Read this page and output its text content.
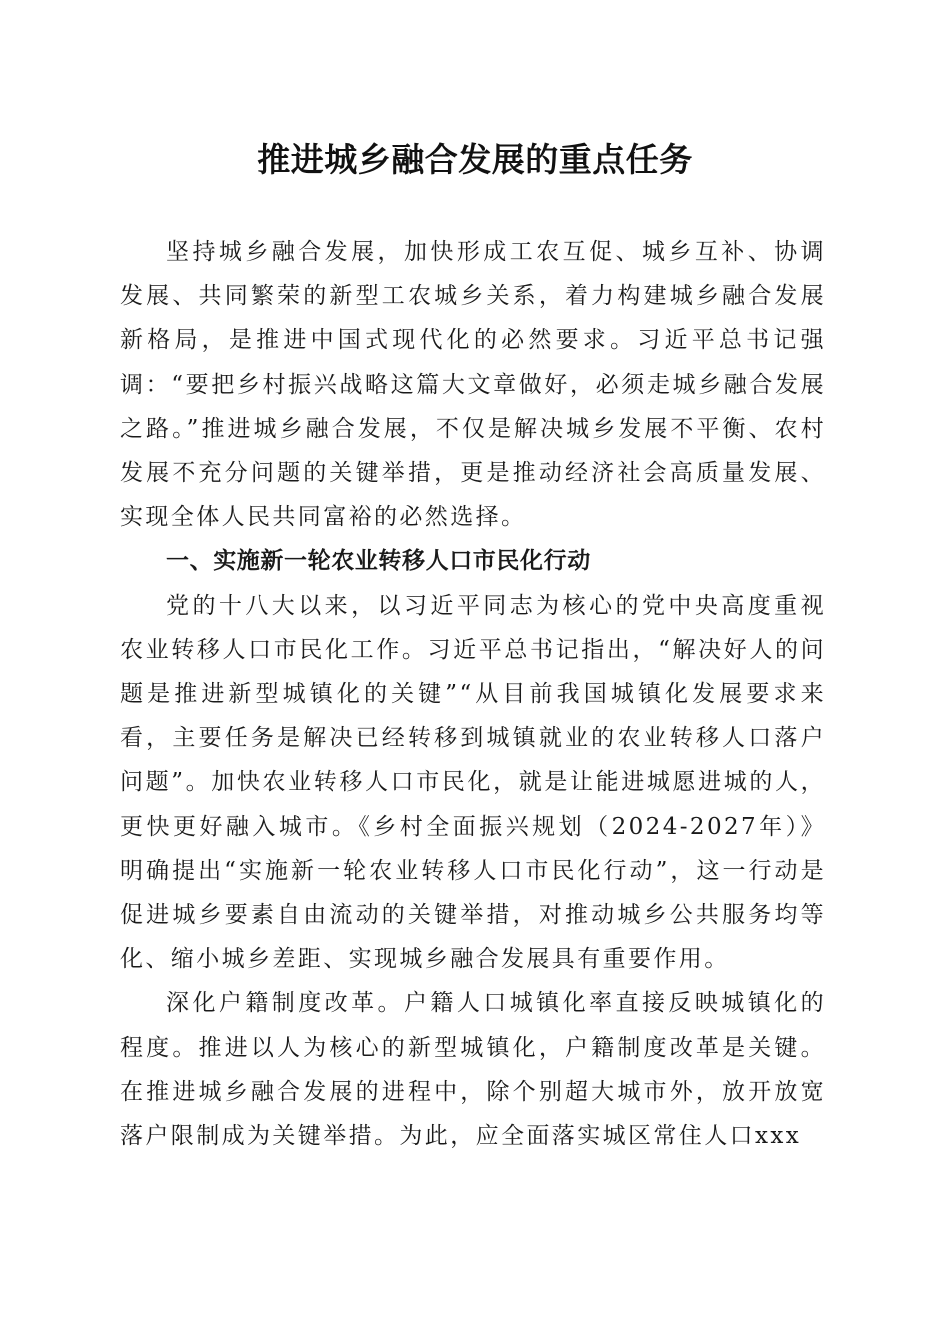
推进城乡融合发展的重点任务

坚持城乡融合发展，加快形成工农互促、城乡互补、协调发展、共同繁荣的新型工农城乡关系，着力构建城乡融合发展新格局，是推进中国式现代化的必然要求。习近平总书记强调：“要把乡村振兴战略这篇大文章做好，必须走城乡融合发展之路。”推进城乡融合发展，不仅是解决城乡发展不平衡、农村发展不充分问题的关键举措，更是推动经济社会高质量发展、实现全体人民共同富裕的必然选择。

一、实施新一轮农业转移人口市民化行动

党的十八大以来，以习近平同志为核心的党中央高度重视农业转移人口市民化工作。习近平总书记指出，“解决好人的问题是推进新型城镇化的关键”“从目前我国城镇化发展要求来看，主要任务是解决已经转移到城镇就业的农业转移人口落户问题”。加快农业转移人口市民化，就是让能进城愿进城的人，更快更好融入城市。《乡村全面振兴规划（2024-2027年）》明确提出“实施新一轮农业转移人口市民化行动”，这一行动是促进城乡要素自由流动的关键举措，对推动城乡公共服务均等化、缩小城乡差距、实现城乡融合发展具有重要作用。

深化户籍制度改革。户籍人口城镇化率直接反映城镇化的程度。推进以人为核心的新型城镇化，户籍制度改革是关键。在推进城乡融合发展的进程中，除个别超大城市外，放开放宽落户限制成为关键举措。为此，应全面落实城区常住人口xxx
